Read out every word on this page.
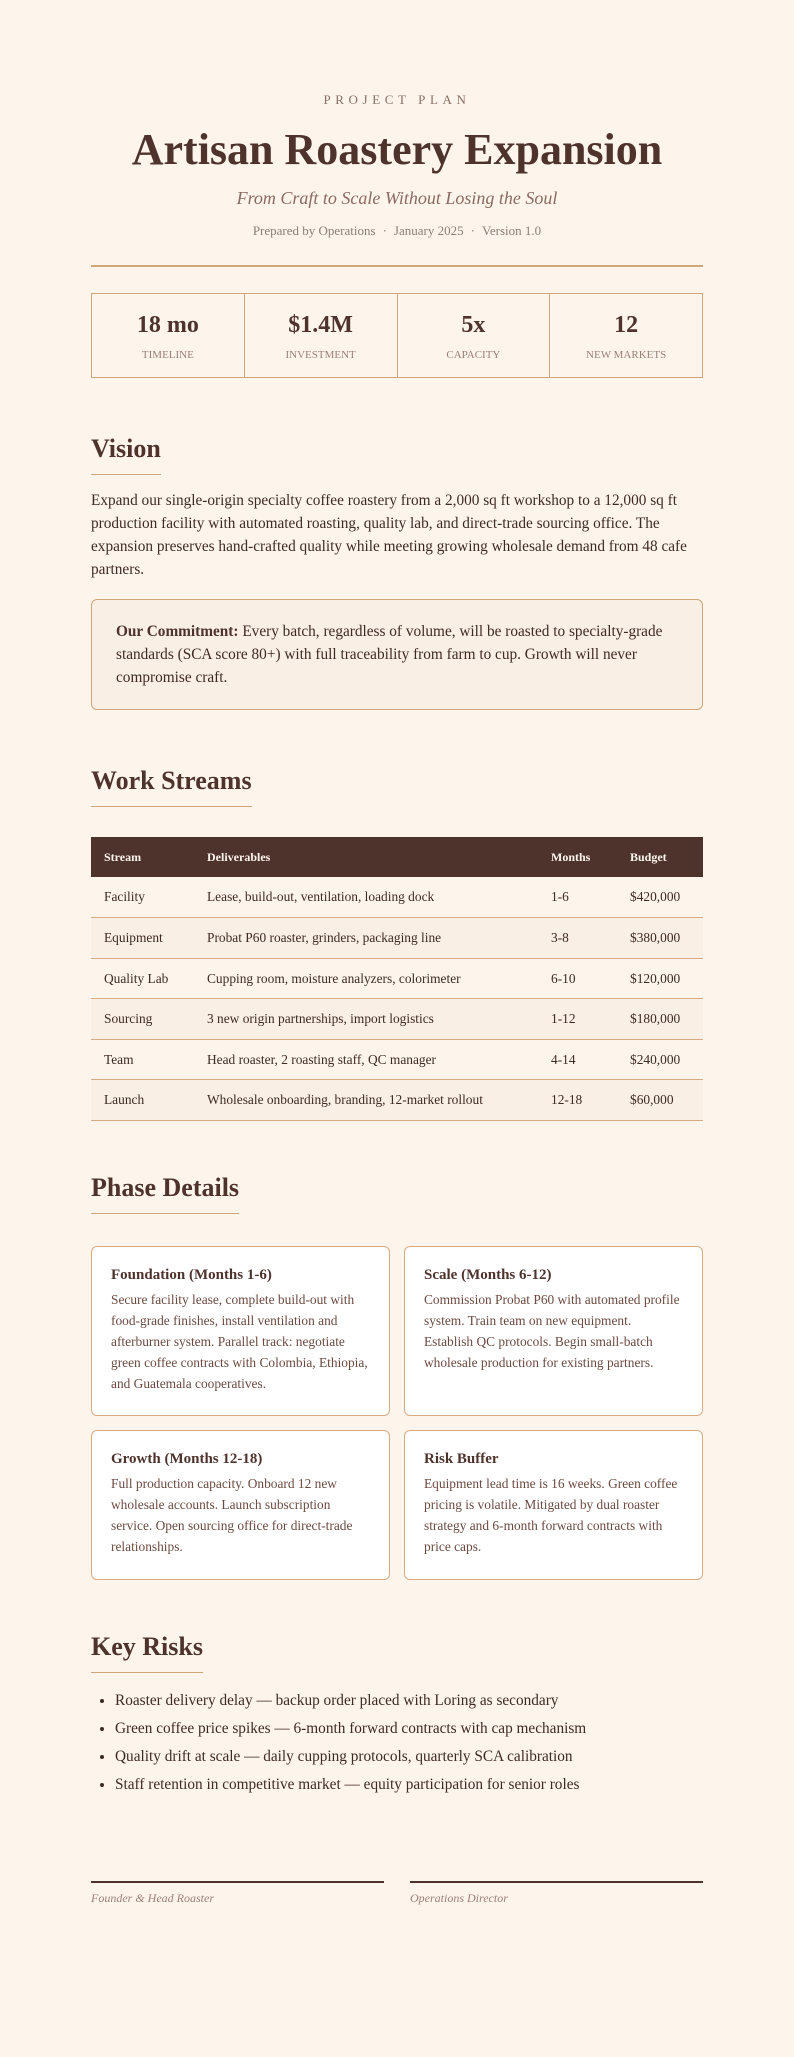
PROJECT PLAN
Artisan Roastery Expansion
From Craft to Scale Without Losing the Soul
Prepared by Operations · January 2025 · Version 1.0
18 mo
TIMELINE
$1.4M
INVESTMENT
5x
CAPACITY
12
NEW MARKETS
Vision

Expand our single-origin specialty coffee roastery from a 2,000 sq ft workshop to a 12,000 sq ft production facility with automated roasting, quality lab, and direct-trade sourcing office. The expansion preserves hand-crafted quality while meeting growing wholesale demand from 48 cafe partners.

Our Commitment: Every batch, regardless of volume, will be roasted to specialty-grade standards (SCA score 80+) with full traceability from farm to cup. Growth will never compromise craft.
Work Streams
Stream	Deliverables	Months	Budget
Facility	Lease, build-out, ventilation, loading dock	1-6	$420,000
Equipment	Probat P60 roaster, grinders, packaging line	3-8	$380,000
Quality Lab	Cupping room, moisture analyzers, colorimeter	6-10	$120,000
Sourcing	3 new origin partnerships, import logistics	1-12	$180,000
Team	Head roaster, 2 roasting staff, QC manager	4-14	$240,000
Launch	Wholesale onboarding, branding, 12-market rollout	12-18	$60,000
Phase Details
Foundation (Months 1-6)
Secure facility lease, complete build-out with food-grade finishes, install ventilation and afterburner system. Parallel track: negotiate green coffee contracts with Colombia, Ethiopia, and Guatemala cooperatives.
Scale (Months 6-12)
Commission Probat P60 with automated profile system. Train team on new equipment. Establish QC protocols. Begin small-batch wholesale production for existing partners.
Growth (Months 12-18)
Full production capacity. Onboard 12 new wholesale accounts. Launch subscription service. Open sourcing office for direct-trade relationships.
Risk Buffer
Equipment lead time is 16 weeks. Green coffee pricing is volatile. Mitigated by dual roaster strategy and 6-month forward contracts with price caps.
Key Risks
• Roaster delivery delay — backup order placed with Loring as secondary
• Green coffee price spikes — 6-month forward contracts with cap mechanism
• Quality drift at scale — daily cupping protocols, quarterly SCA calibration
• Staff retention in competitive market — equity participation for senior roles
Founder & Head Roaster	Operations Director
